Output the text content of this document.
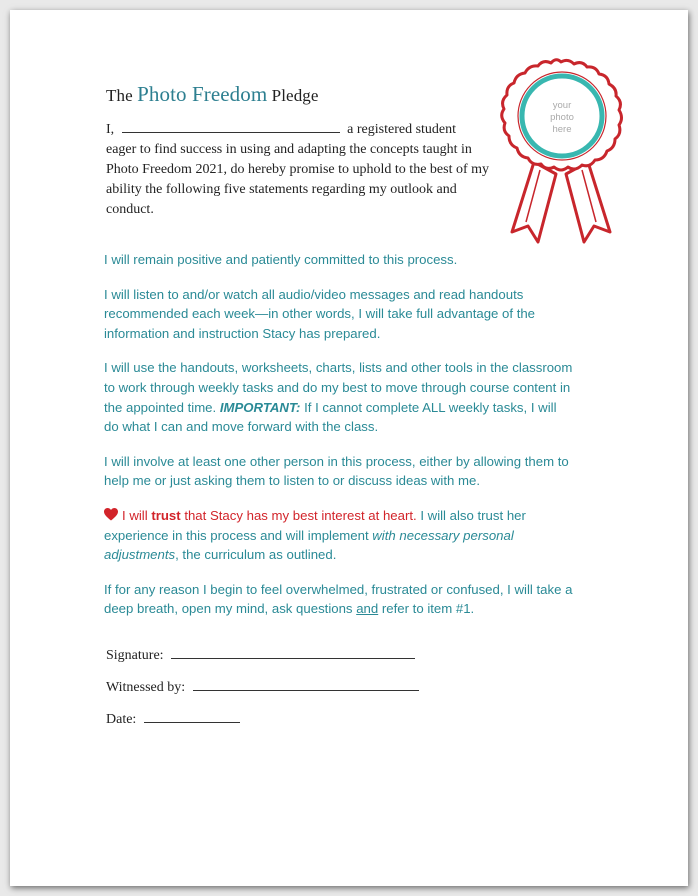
The Photo Freedom Pledge
I,	a registered student
eager to find success in using and adapting the concepts taught in Photo Freedom 2021, do hereby promise to uphold to the best of my ability the following five statements regarding my outlook and conduct.
your
photo
here

I will remain positive and patiently committed to this process.

I will listen to and/or watch all audio/video messages and read handouts recommended each week—in other words, I will take full advantage of the information and instruction Stacy has prepared.

I will use the handouts, worksheets, charts, lists and other tools in the classroom to work through weekly tasks and do my best to move through course content in the appointed time. IMPORTANT: If I cannot complete ALL weekly tasks, I will do what I can and move forward with the class.

I will involve at least one other person in this process, either by allowing them to help me or just asking them to listen to or discuss ideas with me.

I will trust that Stacy has my best interest at heart. I will also trust her experience in this process and will implement with necessary personal adjustments, the curriculum as outlined.

If for any reason I begin to feel overwhelmed, frustrated or confused, I will take a deep breath, open my mind, ask questions and refer to item #1.

Signature:
Witnessed by:
Date:
